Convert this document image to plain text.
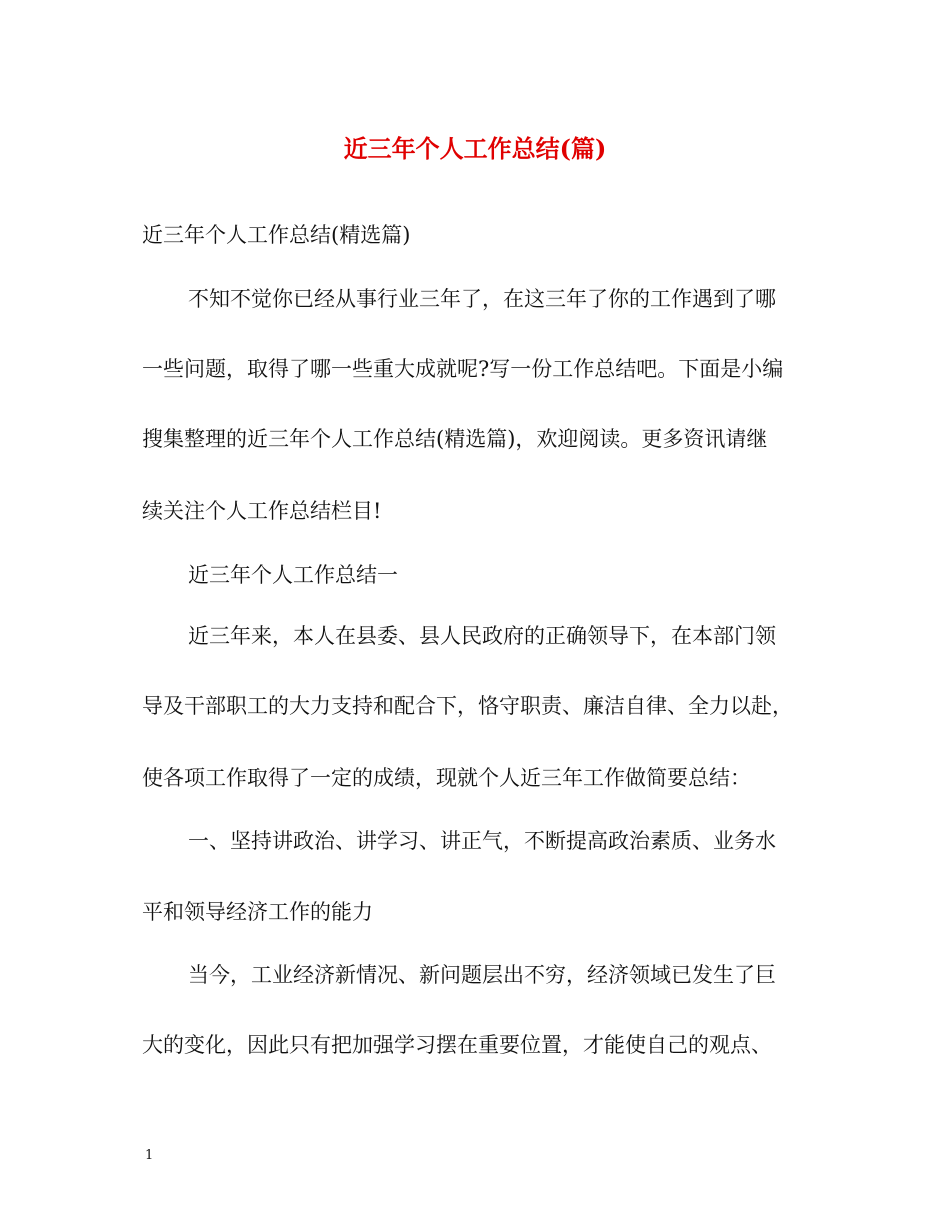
近三年个人工作总结(篇)
近三年个人工作总结(精选篇)
不知不觉你已经从事行业三年了，在这三年了你的工作遇到了哪
一些问题，取得了哪一些重大成就呢?写一份工作总结吧。下面是小编
搜集整理的近三年个人工作总结(精选篇)，欢迎阅读。更多资讯请继
续关注个人工作总结栏目!
近三年个人工作总结一
近三年来，本人在县委、县人民政府的正确领导下，在本部门领
导及干部职工的大力支持和配合下，恪守职责、廉洁自律、全力以赴，
使各项工作取得了一定的成绩，现就个人近三年工作做简要总结：
一、坚持讲政治、讲学习、讲正气，不断提高政治素质、业务水
平和领导经济工作的能力
当今，工业经济新情况、新问题层出不穷，经济领域已发生了巨
大的变化，因此只有把加强学习摆在重要位置，才能使自己的观点、
1
